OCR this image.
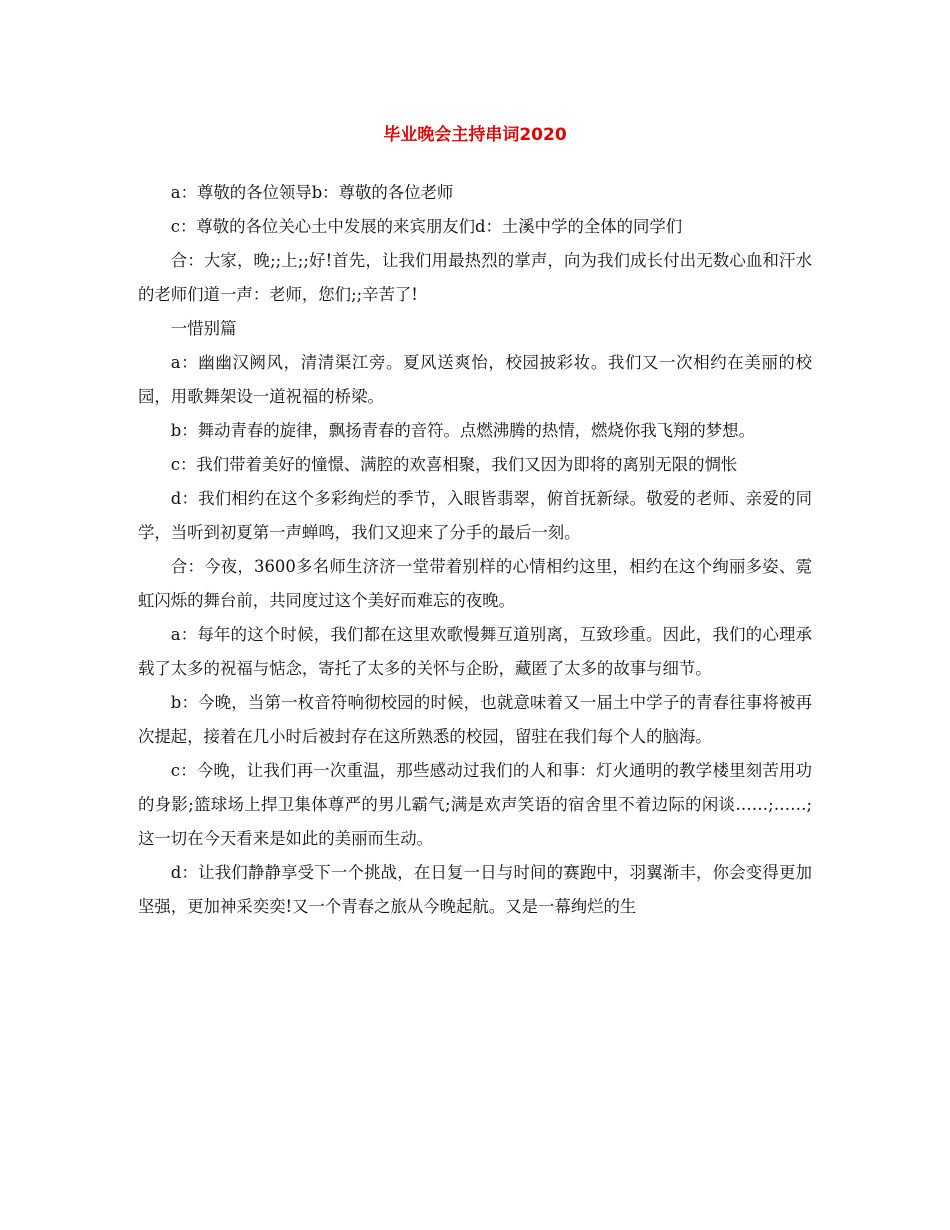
毕业晚会主持串词2020

a：尊敬的各位领导b：尊敬的各位老师

c：尊敬的各位关心土中发展的来宾朋友们d：土溪中学的全体的同学们

合：大家，晚;;上;;好!首先，让我们用最热烈的掌声，向为我们成长付出无数心血和汗水的老师们道一声：老师，您们;;辛苦了!

一惜别篇

a：幽幽汉阙风，清清渠江旁。夏风送爽怡，校园披彩妆。我们又一次相约在美丽的校园，用歌舞架设一道祝福的桥梁。

b：舞动青春的旋律，飘扬青春的音符。点燃沸腾的热情，燃烧你我飞翔的梦想。

c：我们带着美好的憧憬、满腔的欢喜相聚，我们又因为即将的离别无限的惆怅

d：我们相约在这个多彩绚烂的季节，入眼皆翡翠，俯首抚新绿。敬爱的老师、亲爱的同学，当听到初夏第一声蝉鸣，我们又迎来了分手的最后一刻。

合：今夜，3600多名师生济济一堂带着别样的心情相约这里，相约在这个绚丽多姿、霓虹闪烁的舞台前，共同度过这个美好而难忘的夜晚。

a：每年的这个时候，我们都在这里欢歌慢舞互道别离，互致珍重。因此，我们的心理承载了太多的祝福与惦念，寄托了太多的关怀与企盼，藏匿了太多的故事与细节。

b：今晚，当第一枚音符响彻校园的时候，也就意味着又一届土中学子的青春往事将被再次提起，接着在几小时后被封存在这所熟悉的校园，留驻在我们每个人的脑海。

c：今晚，让我们再一次重温，那些感动过我们的人和事：灯火通明的教学楼里刻苦用功的身影;篮球场上捍卫集体尊严的男儿霸气;满是欢声笑语的宿舍里不着边际的闲谈……;……;这一切在今天看来是如此的美丽而生动。

d：让我们静静享受下一个挑战，在日复一日与时间的赛跑中，羽翼渐丰，你会变得更加坚强，更加神采奕奕!又一个青春之旅从今晚起航。又是一幕绚烂的生
